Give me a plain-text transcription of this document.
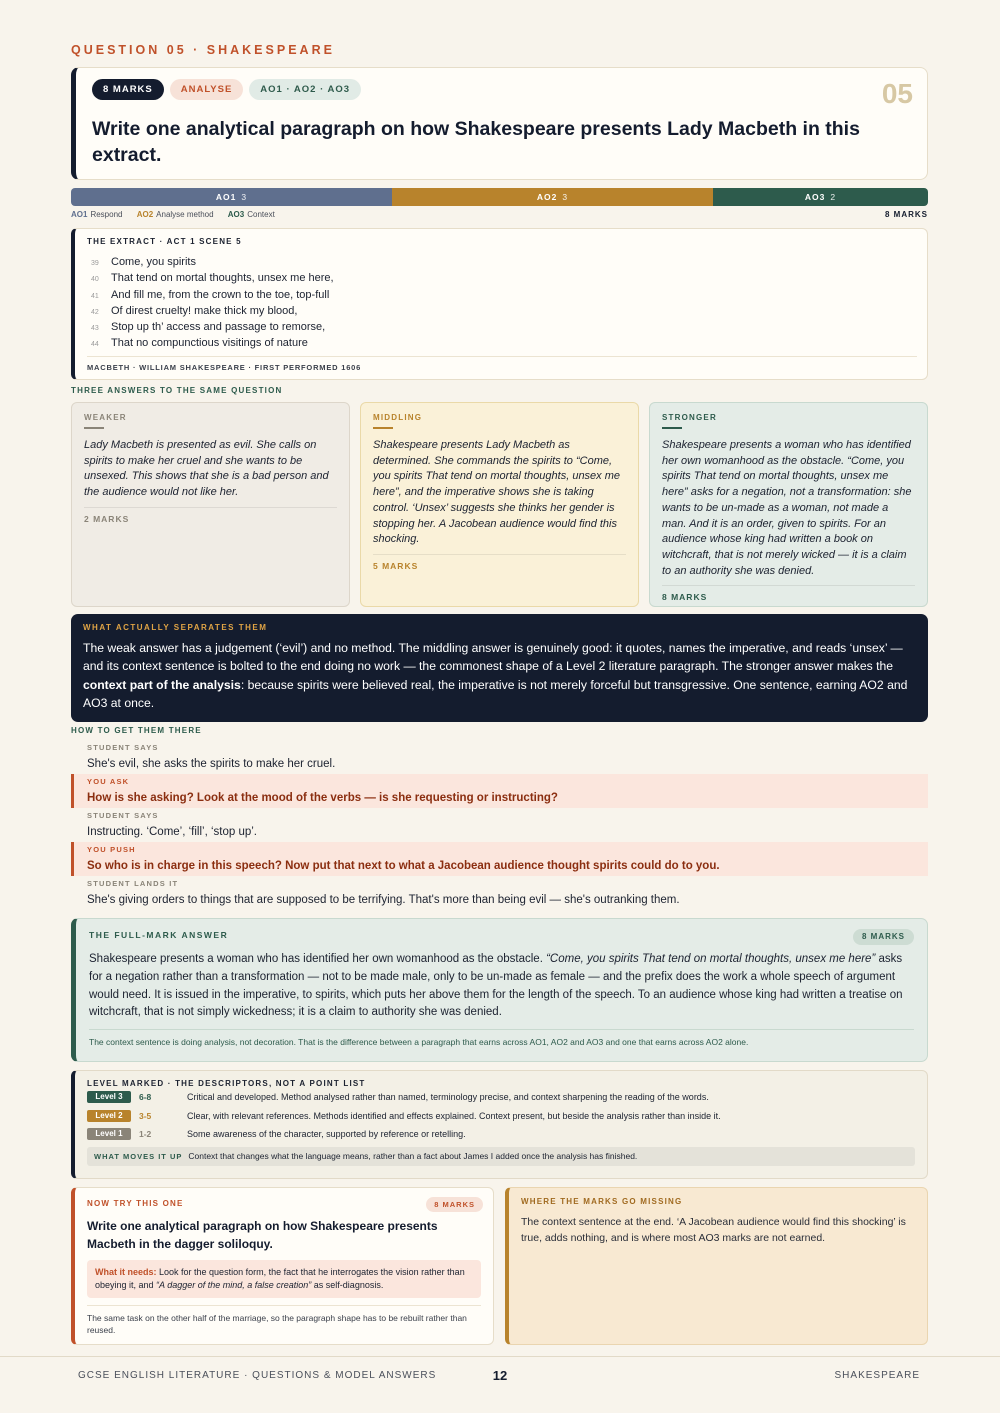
QUESTION 05 · SHAKESPEARE
8 MARKS	ANALYSE	AO1 · AO2 · AO3	05
Write one analytical paragraph on how Shakespeare presents Lady Macbeth in this extract.
AO1 3	AO2 3	AO3 2
AO1 Respond AO2 Analyse method AO3 Context	8 MARKS
THE EXTRACT · ACT 1 SCENE 5
39 Come, you spirits
40 That tend on mortal thoughts, unsex me here,
41 And fill me, from the crown to the toe, top-full
42 Of direst cruelty! make thick my blood,
43 Stop up th’ access and passage to remorse,
44 That no compunctious visitings of nature
MACBETH · WILLIAM SHAKESPEARE · FIRST PERFORMED 1606
THREE ANSWERS TO THE SAME QUESTION
WEAKER
Lady Macbeth is presented as evil. She calls on spirits to make her cruel and she wants to be unsexed. This shows that she is a bad person and the audience would not like her.
2 MARKS
MIDDLING
Shakespeare presents Lady Macbeth as determined. She commands the spirits to “Come, you spirits That tend on mortal thoughts, unsex me here”, and the imperative shows she is taking control. ‘Unsex’ suggests she thinks her gender is stopping her. A Jacobean audience would find this shocking.
5 MARKS
STRONGER
Shakespeare presents a woman who has identified her own womanhood as the obstacle. “Come, you spirits That tend on mortal thoughts, unsex me here” asks for a negation, not a transformation: she wants to be un-made as a woman, not made a man. And it is an order, given to spirits. For an audience whose king had written a book on witchcraft, that is not merely wicked — it is a claim to an authority she was denied.
8 MARKS
WHAT ACTUALLY SEPARATES THEM
The weak answer has a judgement (‘evil’) and no method. The middling answer is genuinely good: it quotes, names the imperative, and reads ‘unsex’ — and its context sentence is bolted to the end doing no work — the commonest shape of a Level 2 literature paragraph. The stronger answer makes the context part of the analysis: because spirits were believed real, the imperative is not merely forceful but transgressive. One sentence, earning AO2 and AO3 at once.
HOW TO GET THEM THERE
STUDENT SAYS
She's evil, she asks the spirits to make her cruel.
YOU ASK
How is she asking? Look at the mood of the verbs — is she requesting or instructing?
STUDENT SAYS
Instructing. ‘Come’, ‘fill’, ‘stop up’.
YOU PUSH
So who is in charge in this speech? Now put that next to what a Jacobean audience thought spirits could do to you.
STUDENT LANDS IT
She's giving orders to things that are supposed to be terrifying. That's more than being evil — she's outranking them.
THE FULL-MARK ANSWER	8 MARKS
Shakespeare presents a woman who has identified her own womanhood as the obstacle. “Come, you spirits That tend on mortal thoughts, unsex me here” asks for a negation rather than a transformation — not to be made male, only to be un-made as female — and the prefix does the work a whole speech of argument would need. It is issued in the imperative, to spirits, which puts her above them for the length of the speech. To an audience whose king had written a treatise on witchcraft, that is not simply wickedness; it is a claim to authority she was denied.
The context sentence is doing analysis, not decoration. That is the difference between a paragraph that earns across AO1, AO2 and AO3 and one that earns across AO2 alone.
LEVEL MARKED · THE DESCRIPTORS, NOT A POINT LIST
Level 3	6-8	Critical and developed. Method analysed rather than named, terminology precise, and context sharpening the reading of the words.
Level 2	3-5	Clear, with relevant references. Methods identified and effects explained. Context present, but beside the analysis rather than inside it.
Level 1	1-2	Some awareness of the character, supported by reference or retelling.
WHAT MOVES IT UP Context that changes what the language means, rather than a fact about James I added once the analysis has finished.
NOW TRY THIS ONE	8 MARKS
Write one analytical paragraph on how Shakespeare presents Macbeth in the dagger soliloquy.
What it needs: Look for the question form, the fact that he interrogates the vision rather than obeying it, and “A dagger of the mind, a false creation” as self-diagnosis.
The same task on the other half of the marriage, so the paragraph shape has to be rebuilt rather than reused.
WHERE THE MARKS GO MISSING
The context sentence at the end. ‘A Jacobean audience would find this shocking’ is true, adds nothing, and is where most AO3 marks are not earned.
GCSE ENGLISH LITERATURE · QUESTIONS & MODEL ANSWERS	12	SHAKESPEARE
